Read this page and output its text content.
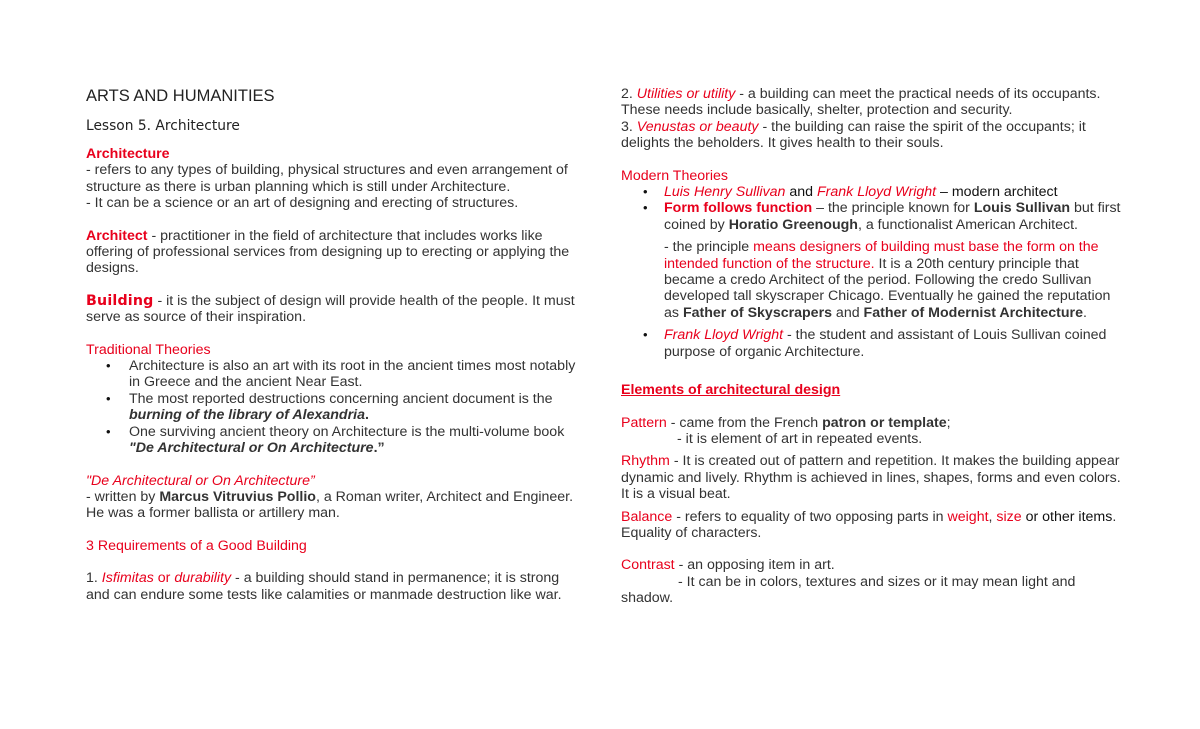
ARTS AND HUMANITIES

Lesson 5. Architecture

Architecture

- refers to any types of building, physical structures and even arrangement of structure as there is urban planning which is still under Architecture.

- It can be a science or an art of designing and erecting of structures.

Architect - practitioner in the field of architecture that includes works like offering of professional services from designing up to erecting or applying the designs.

Building - it is the subject of design will provide health of the people. It must serve as source of their inspiration.

Traditional Theories

• Architecture is also an art with its root in the ancient times most notably in Greece and the ancient Near East.
• The most reported destructions concerning ancient document is the burning of the library of Alexandria.
• One surviving ancient theory on Architecture is the multi-volume book "De Architectural or On Architecture.”

"De Architectural or On Architecture”

- written by Marcus Vitruvius Pollio, a Roman writer, Architect and Engineer. He was a former ballista or artillery man.

3 Requirements of a Good Building

1. Isfimitas or durability - a building should stand in permanence; it is strong and can endure some tests like calamities or manmade destruction like war.

2. Utilities or utility - a building can meet the practical needs of its occupants. These needs include basically, shelter, protection and security.

3. Venustas or beauty - the building can raise the spirit of the occupants; it delights the beholders. It gives health to their souls.

Modern Theories

• Luis Henry Sullivan and Frank Lloyd Wright – modern architect
• Form follows function – the principle known for Louis Sullivan but first coined by Horatio Greenough, a functionalist American Architect.
- the principle means designers of building must base the form on the intended function of the structure. It is a 20th century principle that became a credo Architect of the period. Following the credo Sullivan developed tall skyscraper Chicago. Eventually he gained the reputation as Father of Skyscrapers and Father of Modernist Architecture.
• Frank Lloyd Wright - the student and assistant of Louis Sullivan coined purpose of organic Architecture.

Elements of architectural design

Pattern - came from the French patron or template;

- it is element of art in repeated events.

Rhythm - It is created out of pattern and repetition. It makes the building appear dynamic and lively. Rhythm is achieved in lines, shapes, forms and even colors. It is a visual beat.

Balance - refers to equality of two opposing parts in weight, size or other items. Equality of characters.

Contrast - an opposing item in art.
- It can be in colors, textures and sizes or it may mean light and shadow.
